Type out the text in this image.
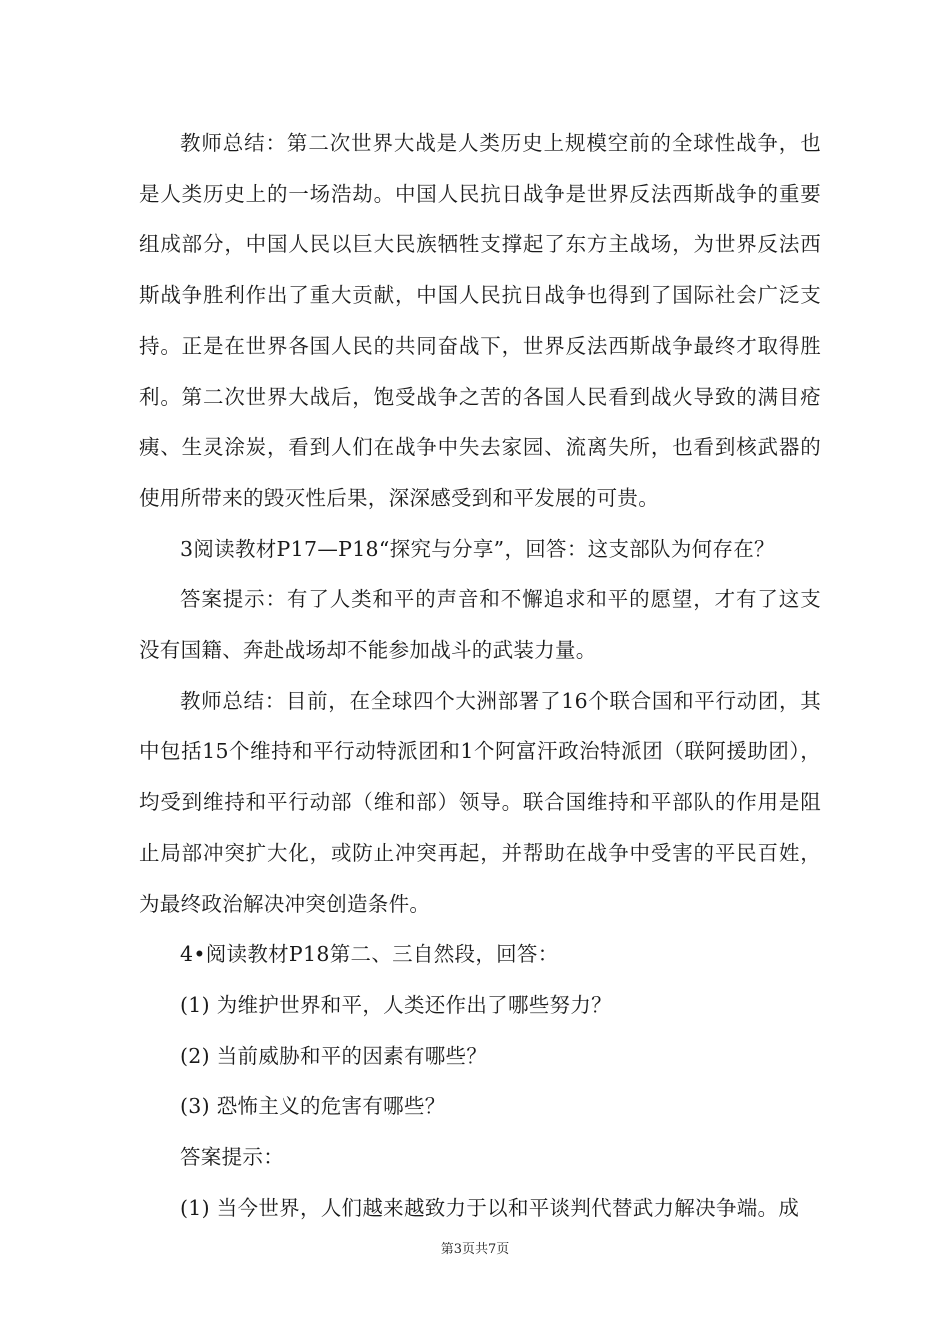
教师总结：第二次世界大战是人类历史上规模空前的全球性战争，也是人类历史上的一场浩劫。中国人民抗日战争是世界反法西斯战争的重要组成部分，中国人民以巨大民族牺牲支撑起了东方主战场，为世界反法西斯战争胜利作出了重大贡献，中国人民抗日战争也得到了国际社会广泛支持。正是在世界各国人民的共同奋战下，世界反法西斯战争最终才取得胜利。第二次世界大战后，饱受战争之苦的各国人民看到战火导致的满目疮痍、生灵涂炭，看到人们在战争中失去家园、流离失所，也看到核武器的使用所带来的毁灭性后果，深深感受到和平发展的可贵。

3阅读教材P17—P18“探究与分享”，回答：这支部队为何存在？

答案提示：有了人类和平的声音和不懈追求和平的愿望，才有了这支没有国籍、奔赴战场却不能参加战斗的武装力量。

教师总结：目前，在全球四个大洲部署了16个联合国和平行动团，其中包括15个维持和平行动特派团和1个阿富汗政治特派团（联阿援助团），均受到维持和平行动部（维和部）领导。联合国维持和平部队的作用是阻止局部冲突扩大化，或防止冲突再起，并帮助在战争中受害的平民百姓，为最终政治解决冲突创造条件。

4•阅读教材P18第二、三自然段，回答：

(1) 为维护世界和平，人类还作出了哪些努力？

(2) 当前威胁和平的因素有哪些？

(3) 恐怖主义的危害有哪些？

答案提示：

(1) 当今世界，人们越来越致力于以和平谈判代替武力解决争端。成

第3页共7页
